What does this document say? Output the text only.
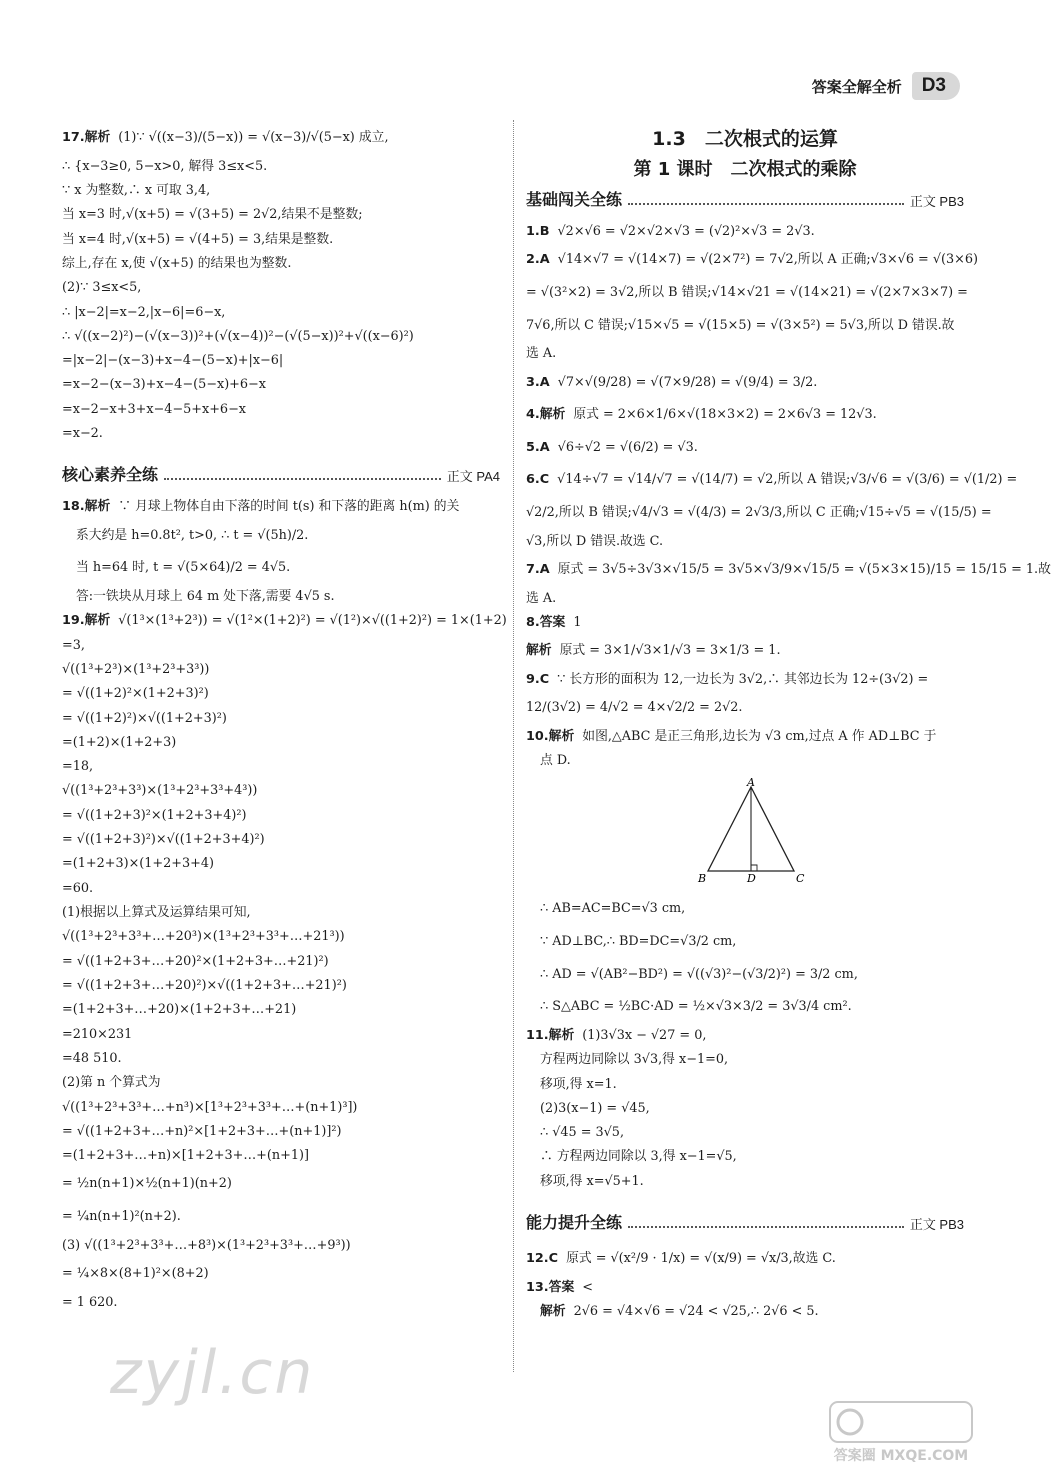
答案全解全析	D3
17.解析 (1)∵ √((x−3)/(5−x)) = √(x−3)/√(5−x) 成立,
∴ {x−3≥0, 5−x>0, 解得 3≤x<5.
∵ x 为整数,∴ x 可取 3,4,
当 x=3 时,√(x+5) = √(3+5) = 2√2,结果不是整数;
当 x=4 时,√(x+5) = √(4+5) = 3,结果是整数.
综上,存在 x,使 √(x+5) 的结果也为整数.
(2)∵ 3≤x<5,
∴ |x−2|=x−2,|x−6|=6−x,
∴ √((x−2)²)−(√(x−3))²+(√(x−4))²−(√(5−x))²+√((x−6)²)
=|x−2|−(x−3)+x−4−(5−x)+|x−6|
=x−2−(x−3)+x−4−(5−x)+6−x
=x−2−x+3+x−4−5+x+6−x
=x−2.
核心素养全练	正文 PA4
18.解析 ∵ 月球上物体自由下落的时间 t(s) 和下落的距离 h(m) 的关
系大约是 h=0.8t², t>0, ∴ t = √(5h)/2.
当 h=64 时, t = √(5×64)/2 = 4√5.
答:一铁块从月球上 64 m 处下落,需要 4√5 s.
19.解析 √(1³×(1³+2³)) = √(1²×(1+2)²) = √(1²)×√((1+2)²) = 1×(1+2)
=3,
√((1³+2³)×(1³+2³+3³))
= √((1+2)²×(1+2+3)²)
= √((1+2)²)×√((1+2+3)²)
=(1+2)×(1+2+3)
=18,
√((1³+2³+3³)×(1³+2³+3³+4³))
= √((1+2+3)²×(1+2+3+4)²)
= √((1+2+3)²)×√((1+2+3+4)²)
=(1+2+3)×(1+2+3+4)
=60.
(1)根据以上算式及运算结果可知,
√((1³+2³+3³+…+20³)×(1³+2³+3³+…+21³))
= √((1+2+3+…+20)²×(1+2+3+…+21)²)
= √((1+2+3+…+20)²)×√((1+2+3+…+21)²)
=(1+2+3+…+20)×(1+2+3+…+21)
=210×231
=48 510.
(2)第 n 个算式为
√((1³+2³+3³+…+n³)×[1³+2³+3³+…+(n+1)³])
= √((1+2+3+…+n)²×[1+2+3+…+(n+1)]²)
=(1+2+3+…+n)×[1+2+3+…+(n+1)]
= ½n(n+1)×½(n+1)(n+2)
= ¼n(n+1)²(n+2).
(3) √((1³+2³+3³+…+8³)×(1³+2³+3³+…+9³))
= ¼×8×(8+1)²×(8+2)
= 1 620.
1.3　二次根式的运算
第 1 课时　二次根式的乘除
基础闯关全练	正文 PB3
1.B √2×√6 = √2×√2×√3 = (√2)²×√3 = 2√3.
2.A √14×√7 = √(14×7) = √(2×7²) = 7√2,所以 A 正确;√3×√6 = √(3×6)
= √(3²×2) = 3√2,所以 B 错误;√14×√21 = √(14×21) = √(2×7×3×7) =
7√6,所以 C 错误;√15×√5 = √(15×5) = √(3×5²) = 5√3,所以 D 错误.故
选 A.
3.A √7×√(9/28) = √(7×9/28) = √(9/4) = 3/2.
4.解析 原式 = 2×6×1/6×√(18×3×2) = 2×6√3 = 12√3.
5.A √6÷√2 = √(6/2) = √3.
6.C √14÷√7 = √14/√7 = √(14/7) = √2,所以 A 错误;√3/√6 = √(3/6) = √(1/2) =
√2/2,所以 B 错误;√4/√3 = √(4/3) = 2√3/3,所以 C 正确;√15÷√5 = √(15/5) =
√3,所以 D 错误.故选 C.
7.A 原式 = 3√5÷3√3×√15/5 = 3√5×√3/9×√15/5 = √(5×3×15)/15 = 15/15 = 1.故
选 A.
8.答案 1
解析 原式 = 3×1/√3×1/√3 = 3×1/3 = 1.
9.C ∵ 长方形的面积为 12,一边长为 3√2,∴ 其邻边长为 12÷(3√2) =
12/(3√2) = 4/√2 = 4×√2/2 = 2√2.
10.解析 如图,△ABC 是正三角形,边长为 √3 cm,过点 A 作 AD⊥BC 于
点 D.
A
B	D	C
∴ AB=AC=BC=√3 cm,
∵ AD⊥BC,∴ BD=DC=√3/2 cm,
∴ AD = √(AB²−BD²) = √((√3)²−(√3/2)²) = 3/2 cm,
∴ S△ABC = ½BC·AD = ½×√3×3/2 = 3√3/4 cm².
11.解析 (1)3√3x − √27 = 0,
方程两边同除以 3√3,得 x−1=0,
移项,得 x=1.
(2)3(x−1) = √45,
∴ √45 = 3√5,
∴ 方程两边同除以 3,得 x−1=√5,
移项,得 x=√5+1.
能力提升全练	正文 PB3
12.C 原式 = √(x²/9 · 1/x) = √(x/9) = √x/3,故选 C.
13.答案 <
解析 2√6 = √4×√6 = √24 < √25,∴ 2√6 < 5.
zyjl.cn
答案圈 MXQE.COM
